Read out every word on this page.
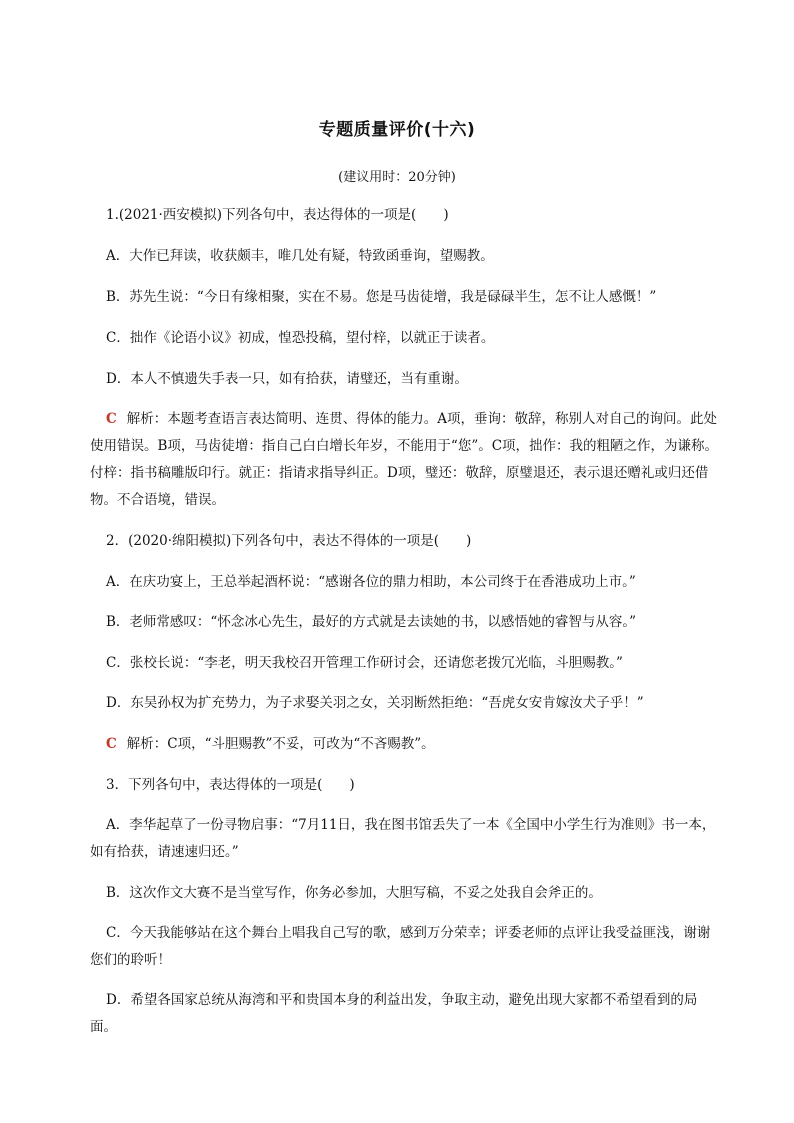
专题质量评价(十六)
(建议用时：20分钟)
1.(2021·西安模拟)下列各句中，表达得体的一项是(　　)
A．大作已拜读，收获颇丰，唯几处有疑，特致函垂询，望赐教。
B．苏先生说：“今日有缘相聚，实在不易。您是马齿徒增，我是碌碌半生，怎不让人感慨！”
C．拙作《论语小议》初成，惶恐投稿，望付梓，以就正于读者。
D．本人不慎遗失手表一只，如有拾获，请璧还，当有重谢。
C 解析：本题考查语言表达简明、连贯、得体的能力。A项，垂询：敬辞，称别人对自己的询问。此处使用错误。B项，马齿徒增：指自己白白增长年岁，不能用于“您”。C项，拙作：我的粗陋之作，为谦称。付梓：指书稿雕版印行。就正：指请求指导纠正。D项，璧还：敬辞，原璧退还，表示退还赠礼或归还借物。不合语境，错误。
2．(2020·绵阳模拟)下列各句中，表达不得体的一项是(　　)
A．在庆功宴上，王总举起酒杯说：“感谢各位的鼎力相助，本公司终于在香港成功上市。”
B．老师常感叹：“怀念冰心先生，最好的方式就是去读她的书，以感悟她的睿智与从容。”
C．张校长说：“李老，明天我校召开管理工作研讨会，还请您老拨冗光临，斗胆赐教。”
D．东吴孙权为扩充势力，为子求娶关羽之女，关羽断然拒绝：“吾虎女安肯嫁汝犬子乎！”
C 解析：C项，“斗胆赐教”不妥，可改为“不吝赐教”。
3．下列各句中，表达得体的一项是(　　)
A．李华起草了一份寻物启事：“7月11日，我在图书馆丢失了一本《全国中小学生行为准则》书一本，如有拾获，请速速归还。”
B．这次作文大赛不是当堂写作，你务必参加，大胆写稿，不妥之处我自会斧正的。
C．今天我能够站在这个舞台上唱我自己写的歌，感到万分荣幸；评委老师的点评让我受益匪浅，谢谢您们的聆听！
D．希望各国家总统从海湾和平和贵国本身的利益出发，争取主动，避免出现大家都不希望看到的局面。
